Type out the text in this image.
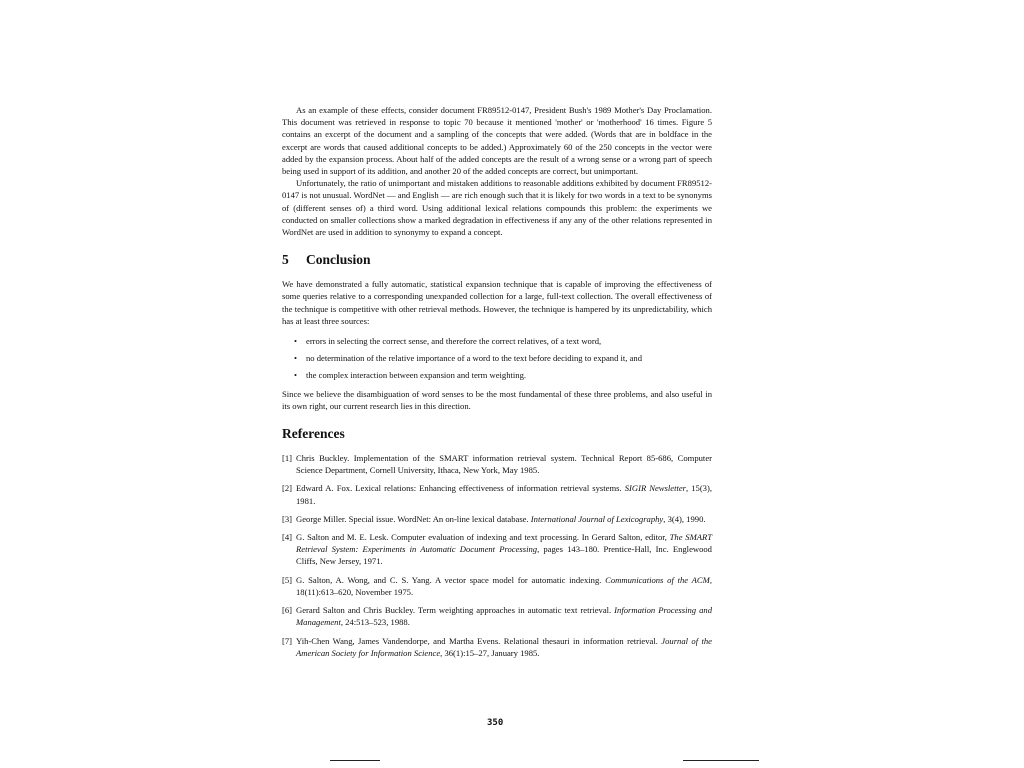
As an example of these effects, consider document FR89512-0147, President Bush's 1989 Mother's Day Proclamation. This document was retrieved in response to topic 70 because it mentioned 'mother' or 'motherhood' 16 times. Figure 5 contains an excerpt of the document and a sampling of the concepts that were added. (Words that are in boldface in the excerpt are words that caused additional concepts to be added.) Approximately 60 of the 250 concepts in the vector were added by the expansion process. About half of the added concepts are the result of a wrong sense or a wrong part of speech being used in support of its addition, and another 20 of the added concepts are correct, but unimportant.

Unfortunately, the ratio of unimportant and mistaken additions to reasonable additions exhibited by document FR89512-0147 is not unusual. WordNet — and English — are rich enough such that it is likely for two words in a text to be synonyms of (different senses of) a third word. Using additional lexical relations compounds this problem: the experiments we conducted on smaller collections show a marked degradation in effectiveness if any any of the other relations represented in WordNet are used in addition to synonymy to expand a concept.

5 Conclusion

We have demonstrated a fully automatic, statistical expansion technique that is capable of improving the effectiveness of some queries relative to a corresponding unexpanded collection for a large, full-text collection. The overall effectiveness of the technique is competitive with other retrieval methods. However, the technique is hampered by its unpredictability, which has at least three sources:

• errors in selecting the correct sense, and therefore the correct relatives, of a text word,
• no determination of the relative importance of a word to the text before deciding to expand it, and
• the complex interaction between expansion and term weighting.

Since we believe the disambiguation of word senses to be the most fundamental of these three problems, and also useful in its own right, our current research lies in this direction.

References
[1] Chris Buckley. Implementation of the SMART information retrieval system. Technical Report 85-686, Computer Science Department, Cornell University, Ithaca, New York, May 1985.
[2] Edward A. Fox. Lexical relations: Enhancing effectiveness of information retrieval systems. SIGIR Newsletter, 15(3), 1981.
[3] George Miller. Special issue. WordNet: An on-line lexical database. International Journal of Lexicography, 3(4), 1990.
[4] G. Salton and M. E. Lesk. Computer evaluation of indexing and text processing. In Gerard Salton, editor, The SMART Retrieval System: Experiments in Automatic Document Processing, pages 143–180. Prentice-Hall, Inc. Englewood Cliffs, New Jersey, 1971.
[5] G. Salton, A. Wong, and C. S. Yang. A vector space model for automatic indexing. Communications of the ACM, 18(11):613–620, November 1975.
[6] Gerard Salton and Chris Buckley. Term weighting approaches in automatic text retrieval. Information Processing and Management, 24:513–523, 1988.
[7] Yih-Chen Wang, James Vandendorpe, and Martha Evens. Relational thesauri in information retrieval. Journal of the American Society for Information Science, 36(1):15–27, January 1985.
350
